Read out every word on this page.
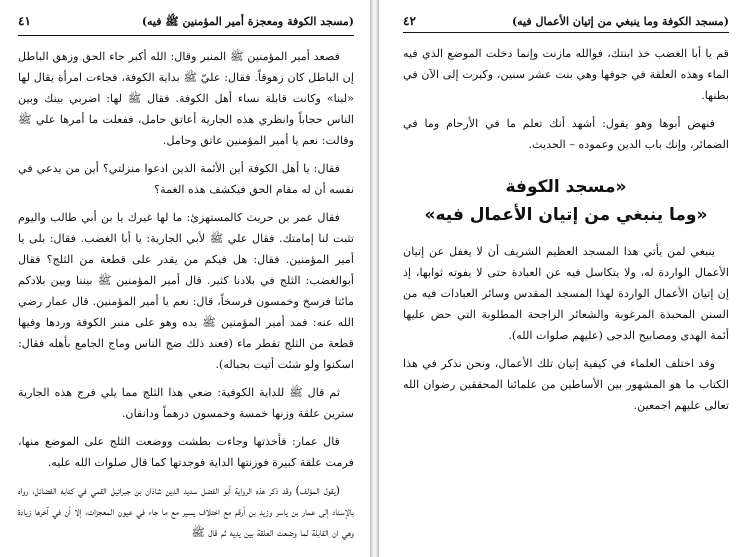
(مسجد الكوفة ومعجزة أمير المؤمنين ﷺ فيه)
٤١

فصعد أمير المؤمنين ﷺ المنبر وقال: الله أكبر جاء الحق وزهق الباطل إن الباطل كان زهوقاً. فقال: عليّ ﷺ بداية الكوفة، فجاءت امرأة يقال لها «لبنا» وكانت قابلة نساء أهل الكوفة. فقال ﷺ لها: اضربي بينك وبين الناس حجاباً وانظري هذه الجارية أعاتق حامل، ففعلت ما أمرها علي ﷺ وقالت: نعم يا أمير المؤمنين عاتق وحامل.

فقال: يا أهل الكوفة أين الأئمة الذين ادعوا منزلتي؟ أين من يدعي في نفسه أن له مقام الحق فيكشف هذه الغمة؟

فقال عمر بن حريث كالمستهزئ: ما لها غيرك يا بن أبي طالب واليوم تثبت لنا إمامتك. فقال علي ﷺ لأبي الجارية: يا أبا الغضب. فقال: بلى يا أمير المؤمنين. فقال: هل فيكم من يقدر على قطعة من الثلج؟ فقال أبوالغضب: الثلج في بلادنا كثير. قال أمير المؤمنين ﷺ بيننا وبين بلادكم مائتا فرسخ وخمسون فرسخاً، قال: نعم يا أمير المؤمنين. قال عمار رضي الله عنه: فمد أمير المؤمنين ﷺ يده وهو على منبر الكوفة وردها وفيها قطعة من الثلج تقطر ماء (فعند ذلك ضج الناس وماج الجامع بأهله فقال: اسكنوا ولو شئت أتيت بجباله).

ثم قال ﷺ للداية الكوفية: ضعي هذا الثلج مما يلي فرج هذه الجارية سترين علقة وزنها خمسة وخمسون درهماً ودانقان.

قال عمار: فأخذتها وجاءت بطشت ووضعت الثلج على الموضع منها، فرمت علقة كبيرة فوزنتها الداية فوجدتها كما قال صلوات الله عليه.

(يقول المؤلف) وقد ذكر هذه الرواية أبو الفضل سديد الدين شاذان بن جبرائيل القمي في كتابه الفضائل، رواه بالإسناد إلى عمار بن ياسر وزيد بن أرقم مع اختلاف يسير مع ما جاء في عيون المعجزات، إلا أن في آخرها زيادة وهي ان القابلة لما وضعت العلقة بين يديه ثم قال ﷺ

(مسجد الكوفة وما ينبغي من إتيان الأعمال فيه)
٤٢

قم يا أبا الغضب خذ ابنتك، فوالله مازنت وإنما دخلت الموضع الذي فيه الماء وهذه العلقة في جوفها وهي بنت عشر سنين، وكبرت إلى الآن في بطنها.

فنهض أبوها وهو يقول: أشهد أنك تعلم ما في الأرحام وما في الضمائر، وإنك باب الدين وعموده – الحديث.

«مسجد الكوفة
«وما ينبغي من إتيان الأعمال فيه»

ينبغي لمن يأتي هذا المسجد العظيم الشريف أن لا يغفل عن إتيان الأعمال الواردة له، ولا يتكاسل فيه عن العبادة حتى لا يفوته ثوابها، إذ إن إتيان الأعمال الواردة لهذا المسجد المقدس وسائر العبادات فيه من السنن المحبذة المرغوبة والشعائر الراجحة المطلوبة التي حض عليها أئمة الهدى ومصابيح الدجى (عليهم صلوات الله).

وقد اختلف العلماء في كيفية إتيان تلك الأعمال، ونحن نذكر في هذا الكتاب ما هو المشهور بين الأساطين من علمائنا المحققين رضوان الله تعالى عليهم اجمعين.
